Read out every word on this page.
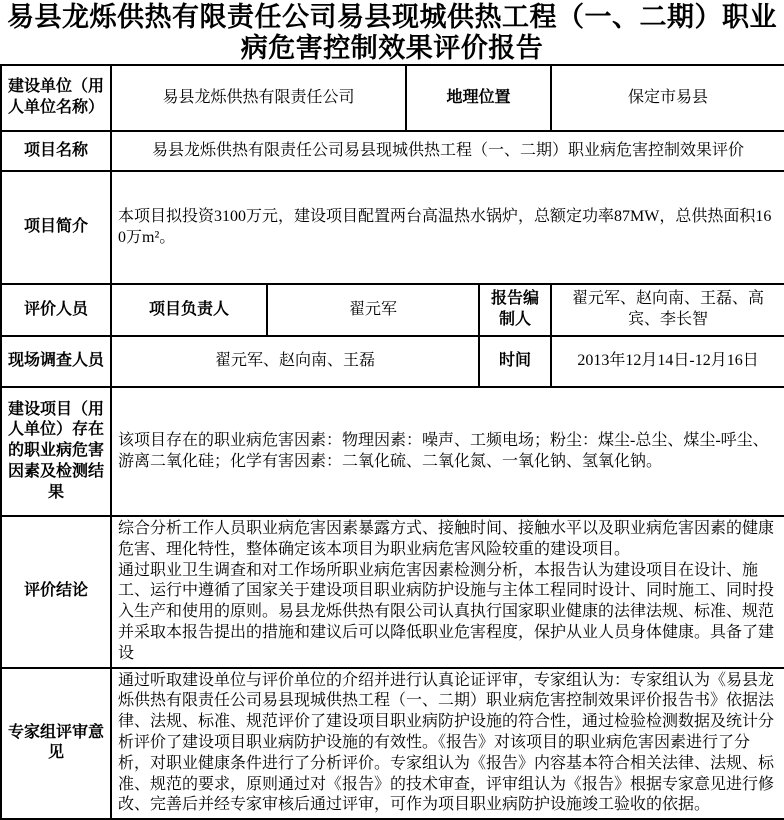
易县龙烁供热有限责任公司易县现城供热工程（一、二期）职业病危害控制效果评价报告
建设单位（用人单位名称）	易县龙烁供热有限责任公司		地理位置		保定市易县
项目名称	易县龙烁供热有限责任公司易县现城供热工程（一、二期）职业病危害控制效果评价				
项目简介	本项目拟投资3100万元，建设项目配置两台高温热水锅炉，总额定功率87MW，总供热面积160万m²。				
评价人员	项目负责人	翟元军		报告编制人	翟元军、赵向南、王磊、高宾、李长智
现场调查人员	翟元军、赵向南、王磊			时间	2013年12月14日-12月16日
建设项目（用人单位）存在的职业病危害因素及检测结果	该项目存在的职业病危害因素：物理因素：噪声、工频电场；粉尘：煤尘-总尘、煤尘-呼尘、游离二氧化硅；化学有害因素：二氧化硫、二氧化氮、一氧化钠、氢氧化钠。				
评价结论	综合分析工作人员职业病危害因素暴露方式、接触时间、接触水平以及职业病危害因素的健康危害、理化特性，整体确定该本项目为职业病危害风险较重的建设项目。
通过职业卫生调查和对工作场所职业病危害因素检测分析，本报告认为建设项目在设计、施工、运行中遵循了国家关于建设项目职业病防护设施与主体工程同时设计、同时施工、同时投入生产和使用的原则。易县龙烁供热有限公司认真执行国家职业健康的法律法规、标准、规范并采取本报告提出的措施和建议后可以降低职业危害程度，保护从业人员身体健康。具备了建设				

专家组评审意见	通过听取建设单位与评价单位的介绍并进行认真论证评审，专家组认为：专家组认为《易县龙烁供热有限责任公司易县现城供热工程（一、二期）职业病危害控制效果评价报告书》依据法律、法规、标准、规范评价了建设项目职业病防护设施的符合性，通过检验检测数据及统计分析评价了建设项目职业病防护设施的有效性。《报告》对该项目的职业病危害因素进行了分析，对职业健康条件进行了分析评价。专家组认为《报告》内容基本符合相关法律、法规、标准、规范的要求，原则通过对《报告》的技术审查，评审组认为《报告》根据专家意见进行修改、完善后并经专家审核后通过评审，可作为项目职业病防护设施竣工验收的依据。				
